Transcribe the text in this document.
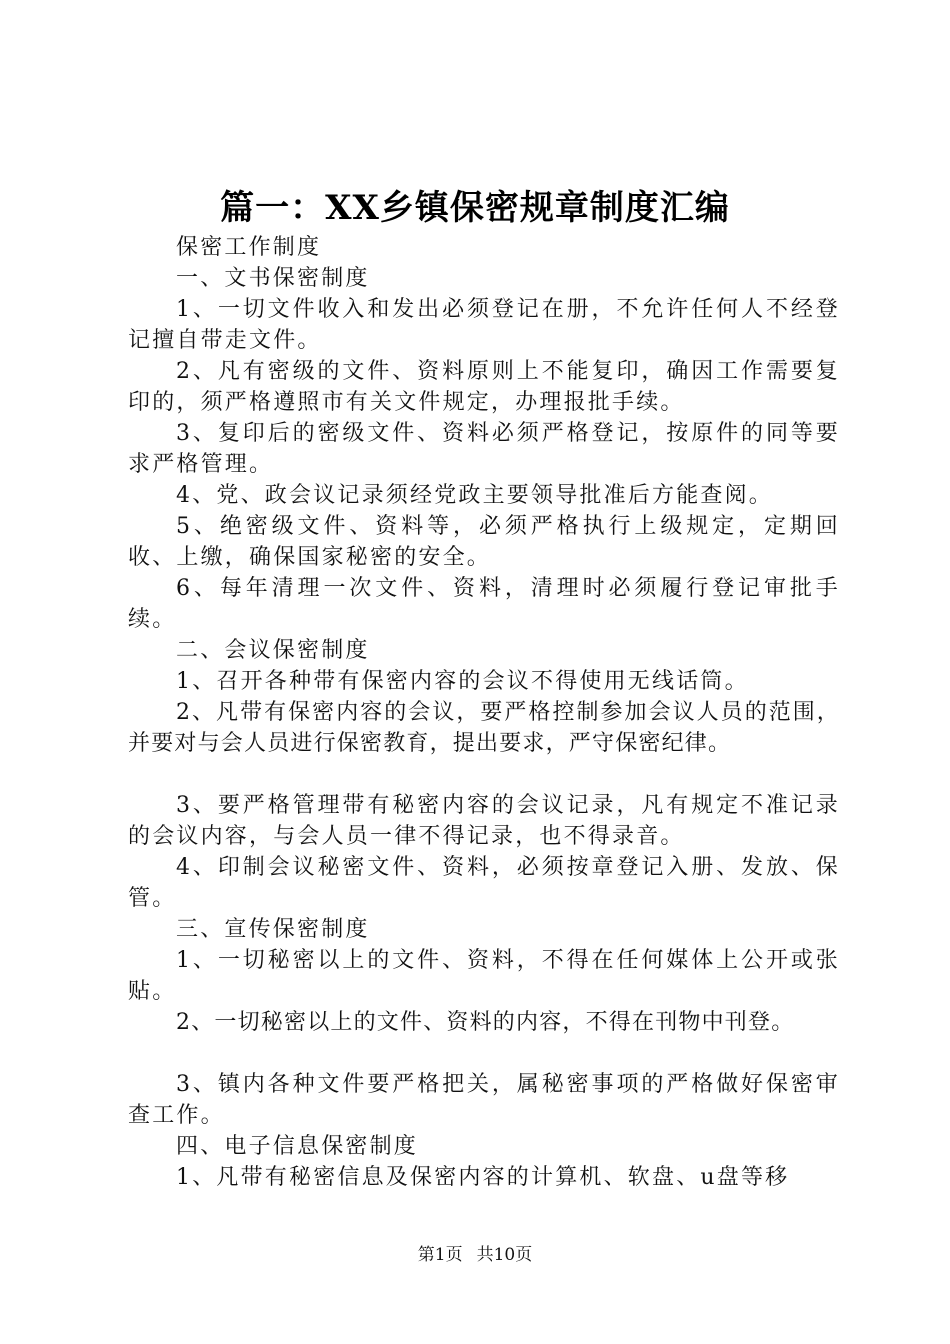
篇一：XX乡镇保密规章制度汇编

保密工作制度

一、文书保密制度

1、一切文件收入和发出必须登记在册，不允许任何人不经登记擅自带走文件。

2、凡有密级的文件、资料原则上不能复印，确因工作需要复印的，须严格遵照市有关文件规定，办理报批手续。

3、复印后的密级文件、资料必须严格登记，按原件的同等要求严格管理。

4、党、政会议记录须经党政主要领导批准后方能查阅。

5、绝密级文件、资料等，必须严格执行上级规定，定期回收、上缴，确保国家秘密的安全。

6、每年清理一次文件、资料，清理时必须履行登记审批手续。

二、会议保密制度

1、召开各种带有保密内容的会议不得使用无线话筒。

2、凡带有保密内容的会议，要严格控制参加会议人员的范围，并要对与会人员进行保密教育，提出要求，严守保密纪律。

3、要严格管理带有秘密内容的会议记录，凡有规定不准记录的会议内容，与会人员一律不得记录，也不得录音。

4、印制会议秘密文件、资料，必须按章登记入册、发放、保管。

三、宣传保密制度

1、一切秘密以上的文件、资料，不得在任何媒体上公开或张贴。

2、一切秘密以上的文件、资料的内容，不得在刊物中刊登。

3、镇内各种文件要严格把关，属秘密事项的严格做好保密审查工作。

四、电子信息保密制度

1、凡带有秘密信息及保密内容的计算机、软盘、u盘等移

第1页 共10页
